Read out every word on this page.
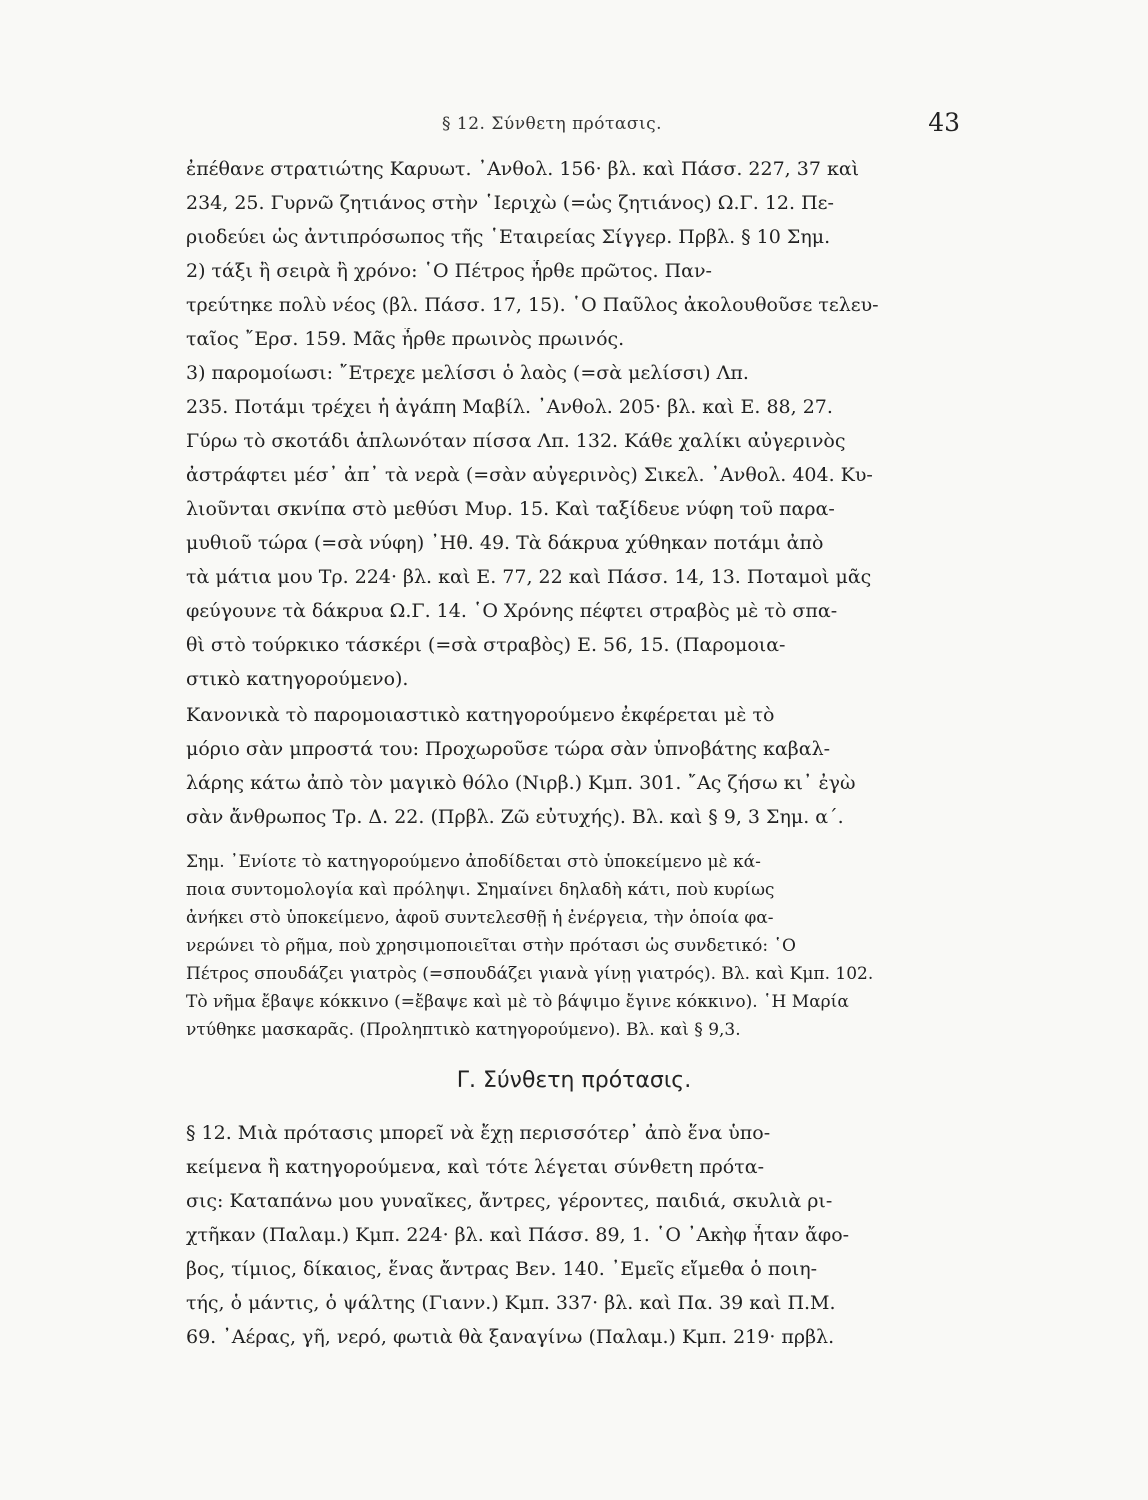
§ 12. Σύνθετη πρότασις.	43
ἐπέθανε στρατιώτης Καρυωτ. ᾿Ανθολ. 156· βλ. καὶ Πάσσ. 227, 37 καὶ
234, 25. Γυρνῶ ζητιάνος στὴν ῾Ιεριχὼ (=ὡς ζητιάνος) Ω.Γ. 12. Πε-
ριοδεύει ὡς ἀντιπρόσωπος τῆς ῾Εταιρείας Σίγγερ. Πρβλ. § 10 Σημ.
2) τάξι ἢ σειρὰ ἢ χρόνο: ῾Ο Πέτρος ἦρθε πρῶτος. Παν-
τρεύτηκε πολὺ νέος (βλ. Πάσσ. 17, 15). ῾Ο Παῦλος ἀκολουθοῦσε τελευ-
ταῖος ῎Ερσ. 159. Μᾶς ἦρθε πρωινὸς πρωινός.
3) παρομοίωσι: ῎Ετρεχε μελίσσι ὁ λαὸς (=σὰ μελίσσι) Λπ.
235. Ποτάμι τρέχει ἡ ἀγάπη Μαβίλ. ᾿Ανθολ. 205· βλ. καὶ Ε. 88, 27.
Γύρω τὸ σκοτάδι ἁπλωνόταν πίσσα Λπ. 132. Κάθε χαλίκι αὐγερινὸς
ἀστράφτει μέσ᾿ ἀπ᾿ τὰ νερὰ (=σὰν αὐγερινὸς) Σικελ. ᾿Ανθολ. 404. Κυ-
λιοῦνται σκνίπα στὸ μεθύσι Μυρ. 15. Καὶ ταξίδευε νύφη τοῦ παρα-
μυθιοῦ τώρα (=σὰ νύφη) ᾿Ηθ. 49. Τὰ δάκρυα χύθηκαν ποτάμι ἀπὸ
τὰ μάτια μου Τρ. 224· βλ. καὶ Ε. 77, 22 καὶ Πάσσ. 14, 13. Ποταμοὶ μᾶς
φεύγουνε τὰ δάκρυα Ω.Γ. 14. ῾Ο Χρόνης πέφτει στραβὸς μὲ τὸ σπα-
θὶ στὸ τούρκικο τάσκέρι (=σὰ στραβὸς) Ε. 56, 15. (Παρομοια-
στικὸ κατηγορούμενο).
Κανονικὰ τὸ παρομοιαστικὸ κατηγορούμενο ἐκφέρεται μὲ τὸ
μόριο σὰν μπροστά του: Προχωροῦσε τώρα σὰν ὑπνοβάτης καβαλ-
λάρης κάτω ἀπὸ τὸν μαγικὸ θόλο (Νιρβ.) Κμπ. 301. ῎Ας ζήσω κι᾿ ἐγὼ
σὰν ἄνθρωπος Τρ. Δ. 22. (Πρβλ. Ζῶ εὐτυχής). Βλ. καὶ § 9, 3 Σημ. α΄.
Σημ. ᾿Ενίοτε τὸ κατηγορούμενο ἀποδίδεται στὸ ὑποκείμενο μὲ κά-
ποια συντομολογία καὶ πρόληψι. Σημαίνει δηλαδὴ κάτι, ποὺ κυρίως
ἀνήκει στὸ ὑποκείμενο, ἀφοῦ συντελεσθῇ ἡ ἐνέργεια, τὴν ὁποία φα-
νερώνει τὸ ρῆμα, ποὺ χρησιμοποιεῖται στὴν πρότασι ὡς συνδετικό: ῾Ο
Πέτρος σπουδάζει γιατρὸς (=σπουδάζει γιανὰ γίνῃ γιατρός). Βλ. καὶ Κμπ. 102.
Τὸ νῆμα ἔβαψε κόκκινο (=ἔβαψε καὶ μὲ τὸ βάψιμο ἔγινε κόκκινο). ῾Η Μαρία
ντύθηκε μασκαρᾶς. (Προληπτικὸ κατηγορούμενο). Βλ. καὶ § 9,3.
Γ. Σύνθετη πρότασις.
§ 12. Μιὰ πρότασις μπορεῖ νὰ ἔχῃ περισσότερ᾿ ἀπὸ ἕνα ὑπο-
κείμενα ἢ κατηγορούμενα, καὶ τότε λέγεται σύνθετη πρότα-
σις: Καταπάνω μου γυναῖκες, ἄντρες, γέροντες, παιδιά, σκυλιὰ ρι-
χτῆκαν (Παλαμ.) Κμπ. 224· βλ. καὶ Πάσσ. 89, 1. ῾Ο ᾿Ακὴφ ἦταν ἄφο-
βος, τίμιος, δίκαιος, ἕνας ἄντρας Βεν. 140. ᾿Εμεῖς εἴμεθα ὁ ποιη-
τής, ὁ μάντις, ὁ ψάλτης (Γιανν.) Κμπ. 337· βλ. καὶ Πα. 39 καὶ Π.Μ.
69. ᾿Αέρας, γῆ, νερό, φωτιὰ θὰ ξαναγίνω (Παλαμ.) Κμπ. 219· πρβλ.
